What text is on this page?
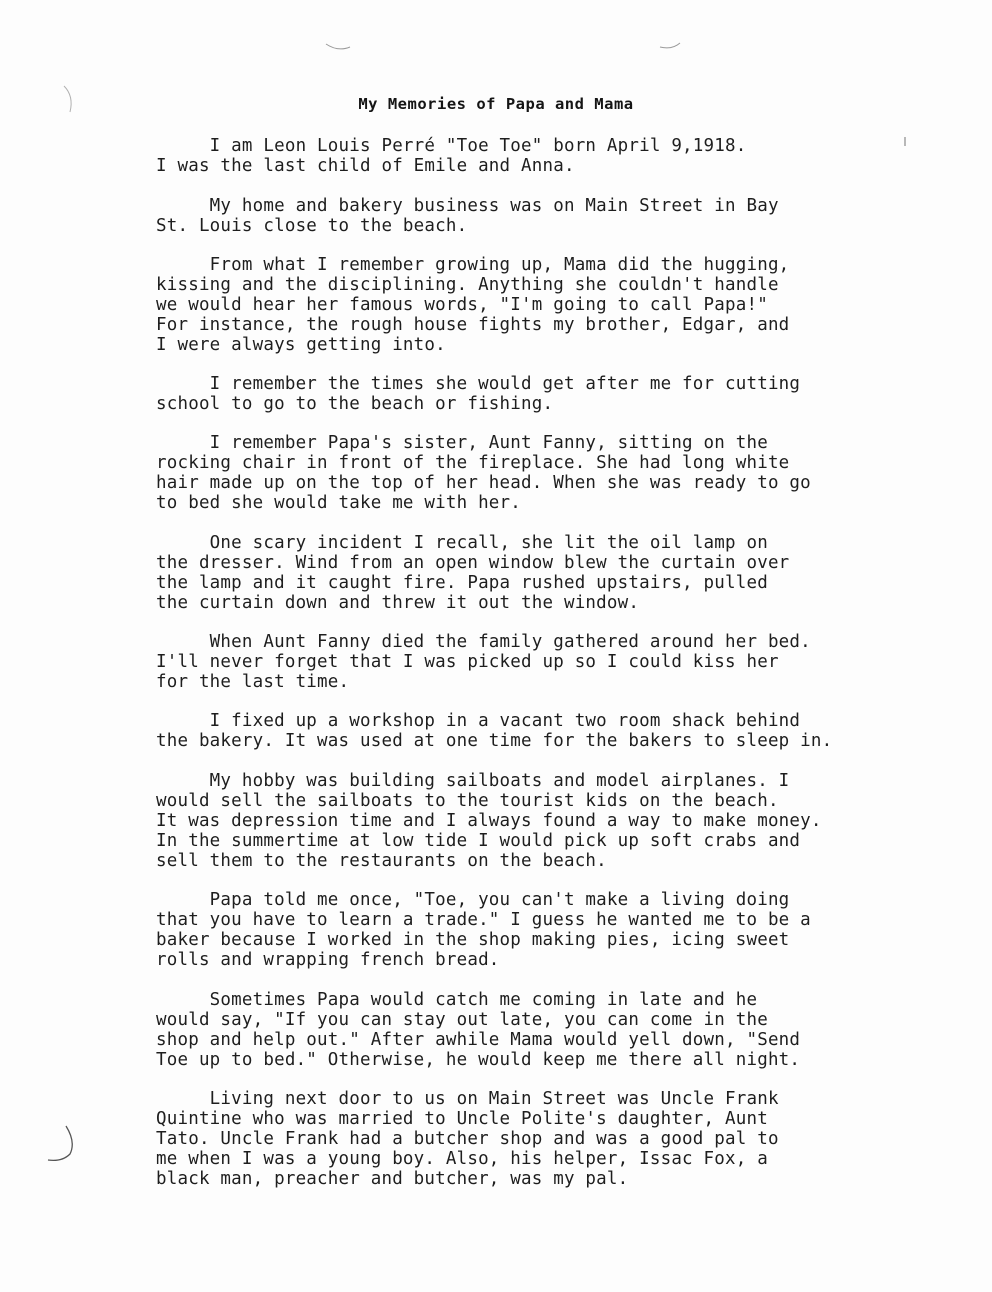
My Memories of Papa and Mama
I am Leon Louis Perré "Toe Toe" born April 9,1918.
I was the last child of Emile and Anna.
My home and bakery business was on Main Street in Bay
St. Louis close to the beach.
From what I remember growing up, Mama did the hugging,
kissing and the disciplining. Anything she couldn't handle
we would hear her famous words, "I'm going to call Papa!"
For instance, the rough house fights my brother, Edgar, and
I were always getting into.
I remember the times she would get after me for cutting
school to go to the beach or fishing.
I remember Papa's sister, Aunt Fanny, sitting on the
rocking chair in front of the fireplace. She had long white
hair made up on the top of her head. When she was ready to go
to bed she would take me with her.
One scary incident I recall, she lit the oil lamp on
the dresser. Wind from an open window blew the curtain over
the lamp and it caught fire. Papa rushed upstairs, pulled
the curtain down and threw it out the window.
When Aunt Fanny died the family gathered around her bed.
I'll never forget that I was picked up so I could kiss her
for the last time.
I fixed up a workshop in a vacant two room shack behind
the bakery. It was used at one time for the bakers to sleep in.
My hobby was building sailboats and model airplanes. I
would sell the sailboats to the tourist kids on the beach.
It was depression time and I always found a way to make money.
In the summertime at low tide I would pick up soft crabs and
sell them to the restaurants on the beach.
Papa told me once, "Toe, you can't make a living doing
that you have to learn a trade." I guess he wanted me to be a
baker because I worked in the shop making pies, icing sweet
rolls and wrapping french bread.
Sometimes Papa would catch me coming in late and he
would say, "If you can stay out late, you can come in the
shop and help out." After awhile Mama would yell down, "Send
Toe up to bed." Otherwise, he would keep me there all night.
Living next door to us on Main Street was Uncle Frank
Quintine who was married to Uncle Polite's daughter, Aunt
Tato. Uncle Frank had a butcher shop and was a good pal to
me when I was a young boy. Also, his helper, Issac Fox, a
black man, preacher and butcher, was my pal.
